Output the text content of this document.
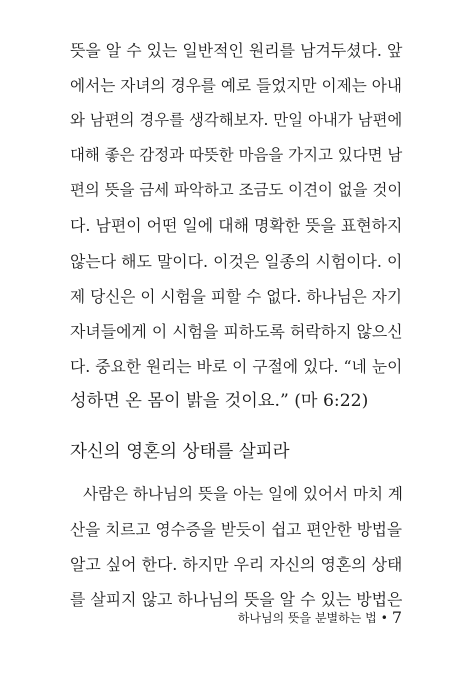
뜻을 알 수 있는 일반적인 원리를 남겨두셨다. 앞
에서는 자녀의 경우를 예로 들었지만 이제는 아내
와 남편의 경우를 생각해보자. 만일 아내가 남편에
대해 좋은 감정과 따뜻한 마음을 가지고 있다면 남
편의 뜻을 금세 파악하고 조금도 이견이 없을 것이
다. 남편이 어떤 일에 대해 명확한 뜻을 표현하지
않는다 해도 말이다. 이것은 일종의 시험이다. 이
제 당신은 이 시험을 피할 수 없다. 하나님은 자기
자녀들에게 이 시험을 피하도록 허락하지 않으신
다. 중요한 원리는 바로 이 구절에 있다. “네 눈이
성하면 온 몸이 밝을 것이요.” (마 6:22)
자신의 영혼의 상태를 살피라
사람은 하나님의 뜻을 아는 일에 있어서 마치 계
산을 치르고 영수증을 받듯이 쉽고 편안한 방법을
알고 싶어 한다. 하지만 우리 자신의 영혼의 상태
를 살피지 않고 하나님의 뜻을 알 수 있는 방법은
하나님의 뜻을 분별하는 법 • 7
